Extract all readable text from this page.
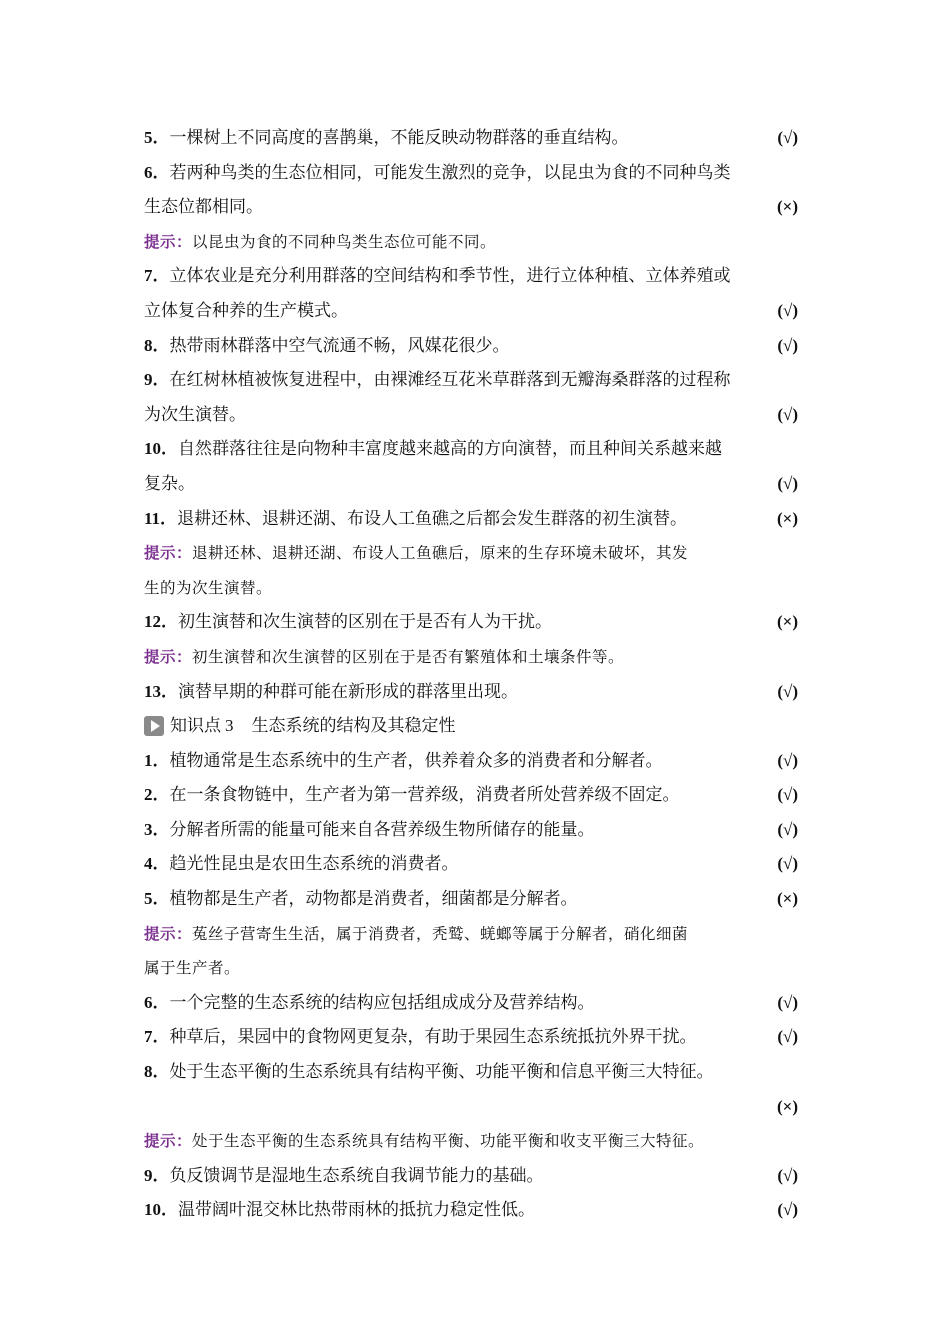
5．一棵树上不同高度的喜鹊巢，不能反映动物群落的垂直结构。	(√)
6．若两种鸟类的生态位相同，可能发生激烈的竞争，以昆虫为食的不同种鸟类
生态位都相同。	(×)
提示：以昆虫为食的不同种鸟类生态位可能不同。
7．立体农业是充分利用群落的空间结构和季节性，进行立体种植、立体养殖或
立体复合种养的生产模式。	(√)
8．热带雨林群落中空气流通不畅，风媒花很少。	(√)
9．在红树林植被恢复进程中，由裸滩经互花米草群落到无瓣海桑群落的过程称
为次生演替。	(√)
10．自然群落往往是向物种丰富度越来越高的方向演替，而且种间关系越来越
复杂。	(√)
11．退耕还林、退耕还湖、布设人工鱼礁之后都会发生群落的初生演替。	(×)
提示：退耕还林、退耕还湖、布设人工鱼礁后，原来的生存环境未破坏，其发
生的为次生演替。
12．初生演替和次生演替的区别在于是否有人为干扰。	(×)
提示：初生演替和次生演替的区别在于是否有繁殖体和土壤条件等。
13．演替早期的种群可能在新形成的群落里出现。	(√)
知识点 3 生态系统的结构及其稳定性
1．植物通常是生态系统中的生产者，供养着众多的消费者和分解者。	(√)
2．在一条食物链中，生产者为第一营养级，消费者所处营养级不固定。	(√)
3．分解者所需的能量可能来自各营养级生物所储存的能量。	(√)
4．趋光性昆虫是农田生态系统的消费者。	(√)
5．植物都是生产者，动物都是消费者，细菌都是分解者。	(×)
提示：菟丝子营寄生生活，属于消费者，秃鹫、蜣螂等属于分解者，硝化细菌
属于生产者。
6．一个完整的生态系统的结构应包括组成成分及营养结构。	(√)
7．种草后，果园中的食物网更复杂，有助于果园生态系统抵抗外界干扰。	(√)
8．处于生态平衡的生态系统具有结构平衡、功能平衡和信息平衡三大特征。
(×)
提示：处于生态平衡的生态系统具有结构平衡、功能平衡和收支平衡三大特征。
9．负反馈调节是湿地生态系统自我调节能力的基础。	(√)
10．温带阔叶混交林比热带雨林的抵抗力稳定性低。	(√)
